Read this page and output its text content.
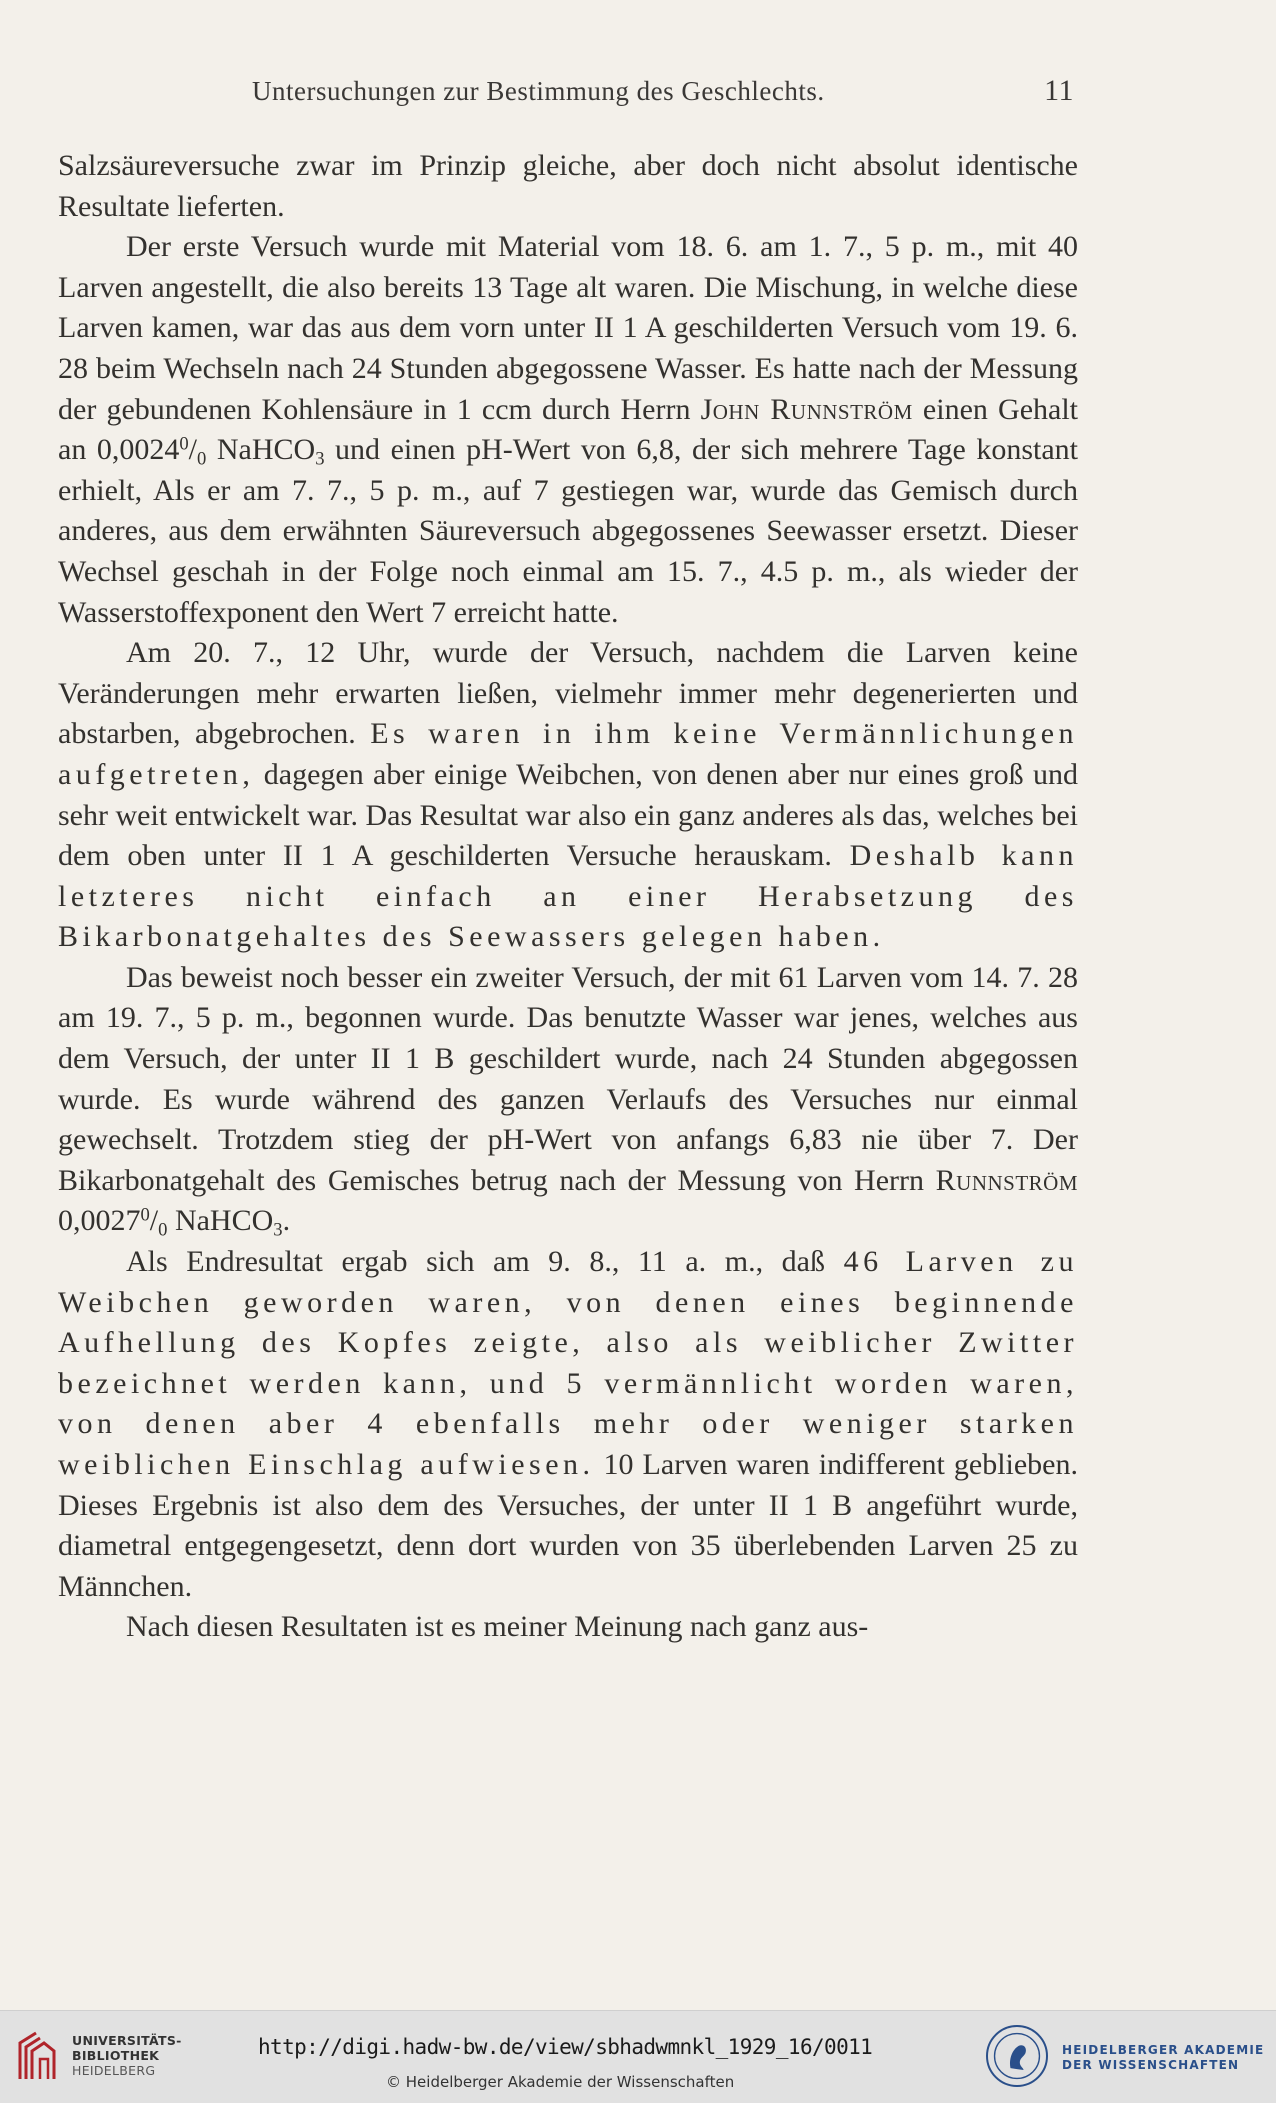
Untersuchungen zur Bestimmung des Geschlechts.	11

Salzsäureversuche zwar im Prinzip gleiche, aber doch nicht absolut identische Resultate lieferten.

Der erste Versuch wurde mit Material vom 18. 6. am 1. 7., 5 p. m., mit 40 Larven angestellt, die also bereits 13 Tage alt waren. Die Mischung, in welche diese Larven kamen, war das aus dem vorn unter II 1 A geschilderten Versuch vom 19. 6. 28 beim Wechseln nach 24 Stunden abgegossene Wasser. Es hatte nach der Messung der gebundenen Kohlensäure in 1 ccm durch Herrn John Runnström einen Gehalt an $0,0024^0/_0$ NaHCO$_3$ und einen pH-Wert von 6,8, der sich mehrere Tage konstant erhielt, Als er am 7. 7., 5 p. m., auf 7 gestiegen war, wurde das Gemisch durch anderes, aus dem erwähnten Säureversuch abgegossenes Seewasser ersetzt. Dieser Wechsel geschah in der Folge noch einmal am 15. 7., 4.5 p. m., als wieder der Wasserstoffexponent den Wert 7 erreicht hatte.

Am 20. 7., 12 Uhr, wurde der Versuch, nachdem die Larven keine Veränderungen mehr erwarten ließen, vielmehr immer mehr degenerierten und abstarben, abgebrochen. Es waren in ihm keine Vermännlichungen aufgetreten, dagegen aber einige Weibchen, von denen aber nur eines groß und sehr weit entwickelt war. Das Resultat war also ein ganz anderes als das, welches bei dem oben unter II 1 A geschilderten Versuche herauskam. Deshalb kann letzteres nicht einfach an einer Herabsetzung des Bikarbonatgehaltes des Seewassers gelegen haben.

Das beweist noch besser ein zweiter Versuch, der mit 61 Larven vom 14. 7. 28 am 19. 7., 5 p. m., begonnen wurde. Das benutzte Wasser war jenes, welches aus dem Versuch, der unter II 1 B geschildert wurde, nach 24 Stunden abgegossen wurde. Es wurde während des ganzen Verlaufs des Versuches nur einmal gewechselt. Trotzdem stieg der pH-Wert von anfangs 6,83 nie über 7. Der Bikarbonatgehalt des Gemisches betrug nach der Messung von Herrn Runnström $0,0027^0/_0$ NaHCO$_3$.

Als Endresultat ergab sich am 9. 8., 11 a. m., daß 46 Larven zu Weibchen geworden waren, von denen eines beginnende Aufhellung des Kopfes zeigte, also als weiblicher Zwitter bezeichnet werden kann, und 5 vermännlicht worden waren, von denen aber 4 ebenfalls mehr oder weniger starken weiblichen Einschlag aufwiesen. 10 Larven waren indifferent geblieben. Dieses Ergebnis ist also dem des Versuches, der unter II 1 B angeführt wurde, diametral entgegengesetzt, denn dort wurden von 35 überlebenden Larven 25 zu Männchen.

Nach diesen Resultaten ist es meiner Meinung nach ganz aus-

UNIVERSITÄTS-
BIBLIOTHEK
HEIDELBERG
http://digi.hadw-bw.de/view/sbhadwmnkl_1929_16/0011
© Heidelberger Akademie der Wissenschaften
HEIDELBERGER AKADEMIE
DER WISSENSCHAFTEN
